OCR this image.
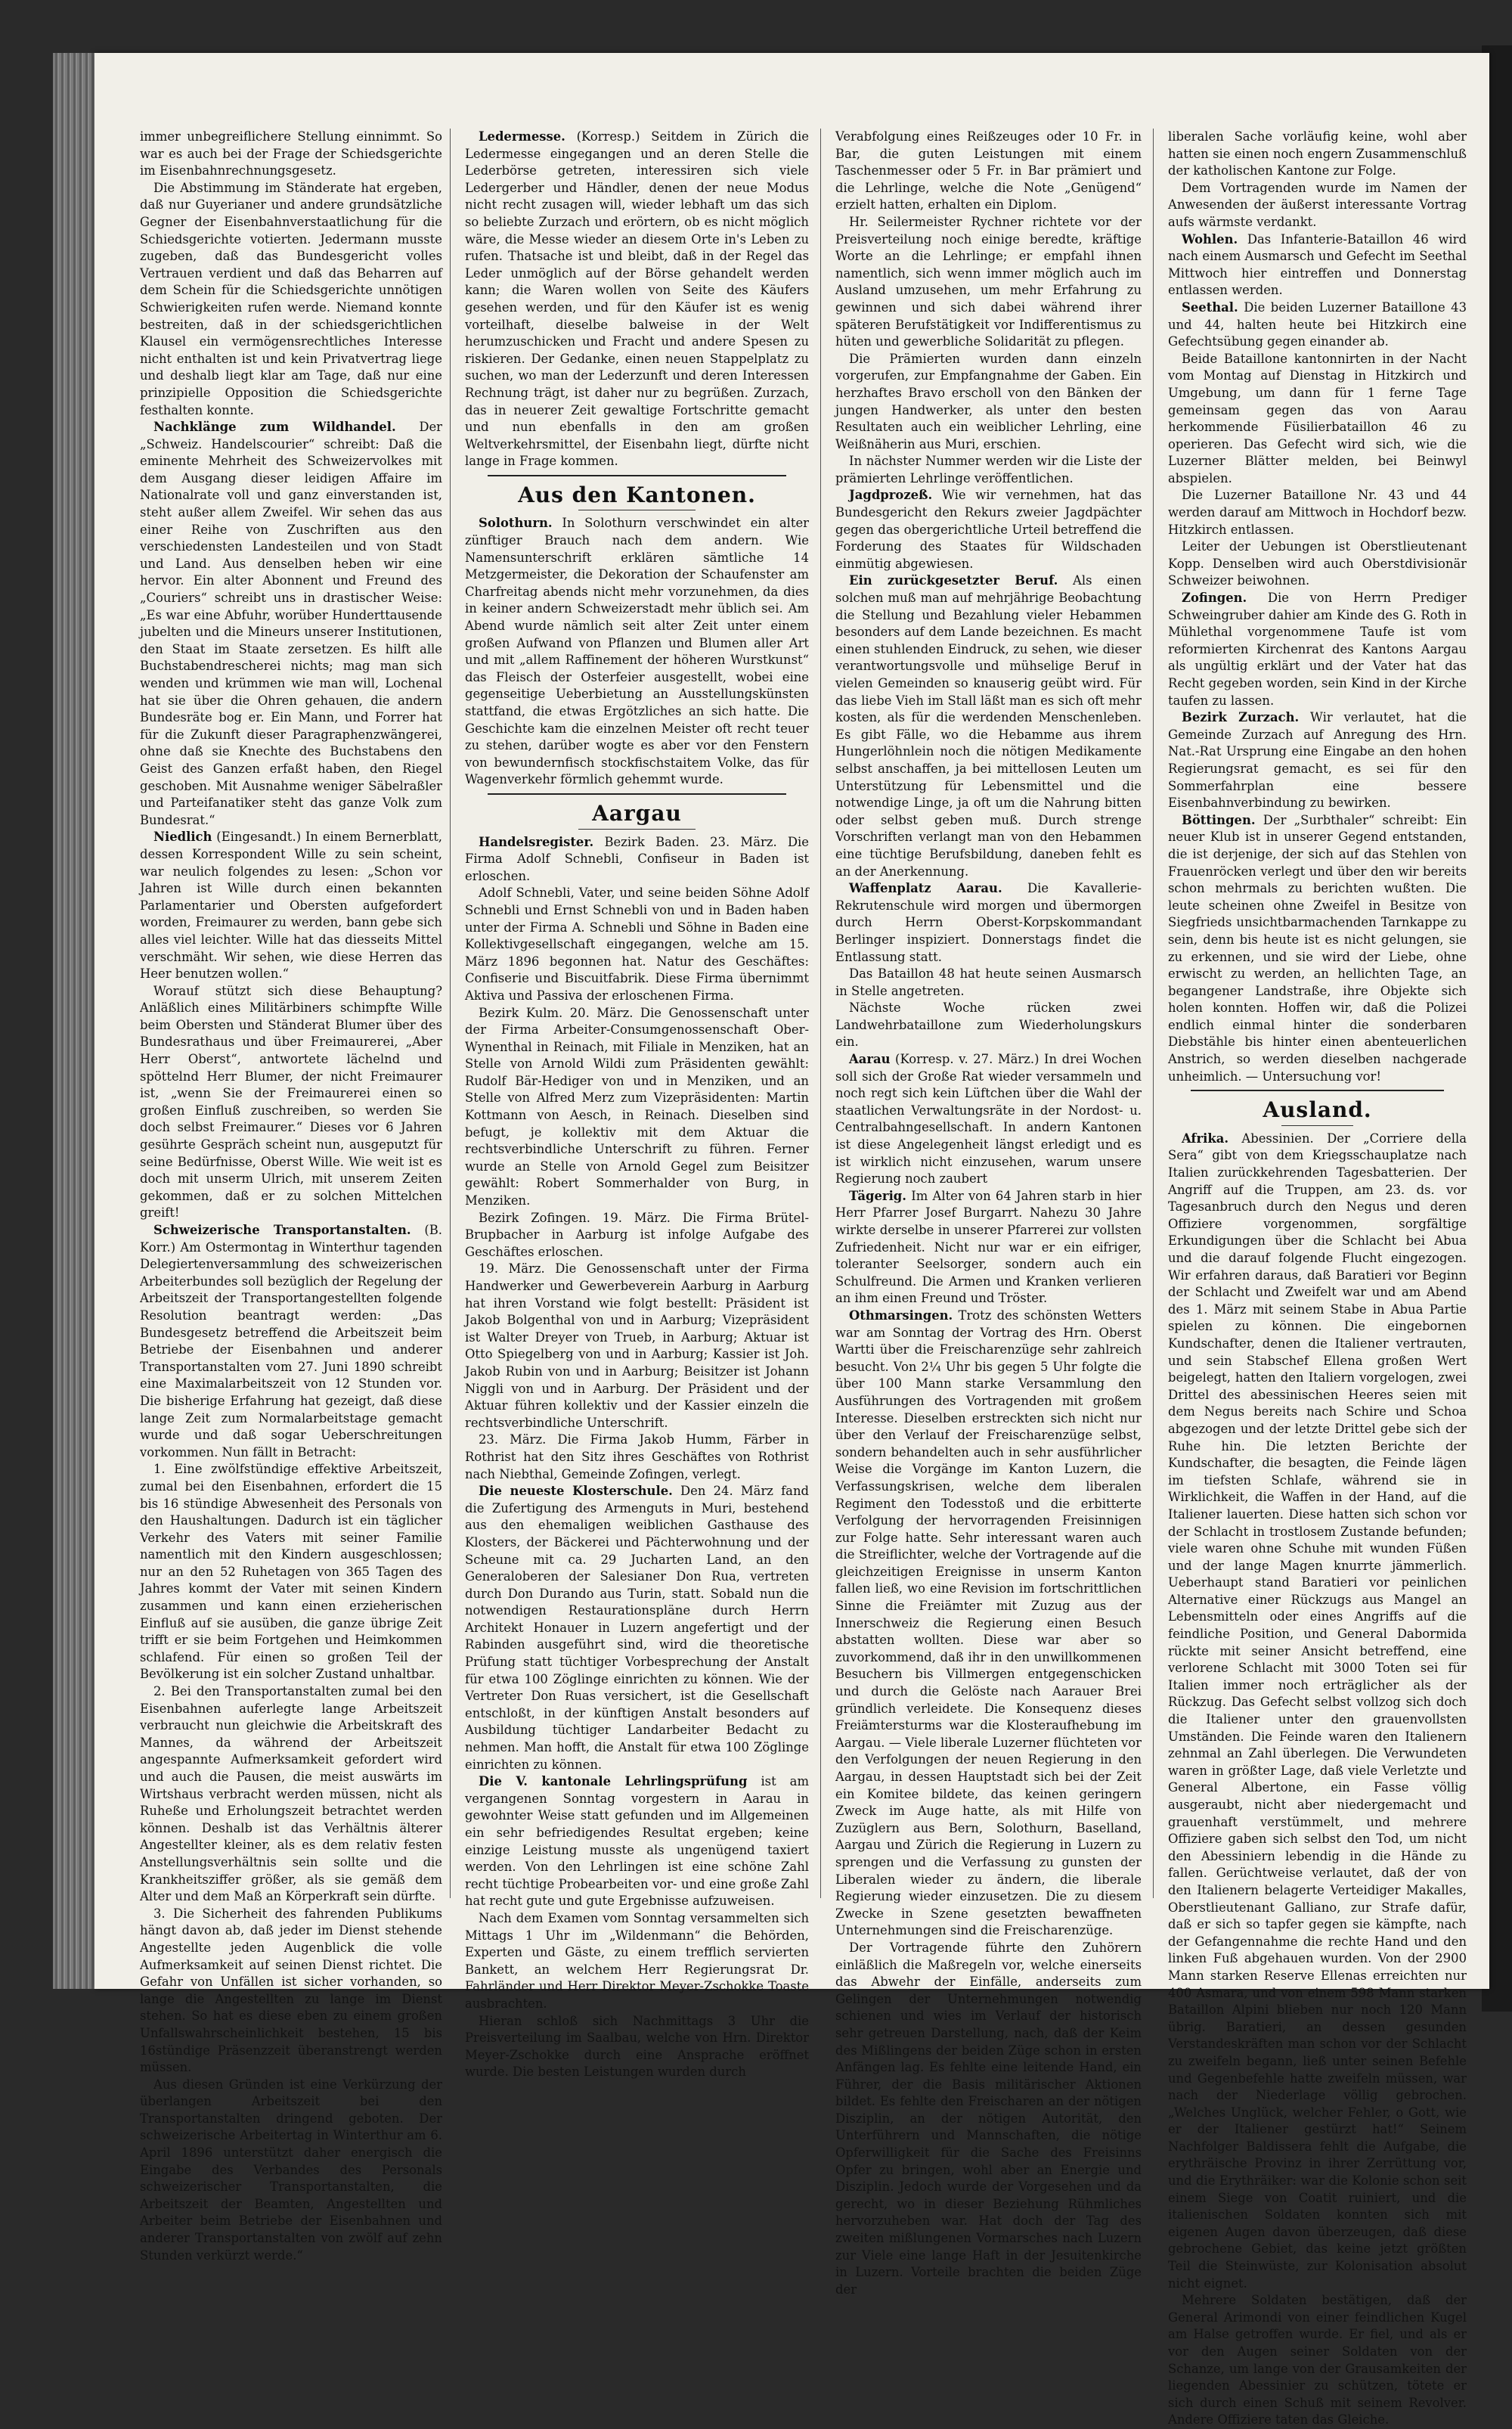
immer unbegreiflichere Stellung einnimmt. So war es auch bei der Frage der Schiedsgerichte im Eisenbahnrechnungsgesetz.

Die Abstimmung im Ständerate hat ergeben, daß nur Guyerianer und andere grundsätzliche Gegner der Eisenbahnverstaatlichung für die Schiedsgerichte votierten. Jedermann musste zugeben, daß das Bundesgericht volles Vertrauen verdient und daß das Beharren auf dem Schein für die Schiedsgerichte unnötigen Schwierigkeiten rufen werde. Niemand konnte bestreiten, daß in der schiedsgerichtlichen Klausel ein vermögensrechtliches Interesse nicht enthalten ist und kein Privatvertrag liege und deshalb liegt klar am Tage, daß nur eine prinzipielle Opposition die Schiedsgerichte festhalten konnte.

Nachklänge zum Wildhandel. Der „Schweiz. Handelscourier“ schreibt: Daß die eminente Mehrheit des Schweizervolkes mit dem Ausgang dieser leidigen Affaire im Nationalrate voll und ganz einverstanden ist, steht außer allem Zweifel. Wir sehen das aus einer Reihe von Zuschriften aus den verschiedensten Landesteilen und von Stadt und Land. Aus denselben heben wir eine hervor. Ein alter Abonnent und Freund des „Couriers“ schreibt uns in drastischer Weise: „Es war eine Abfuhr, worüber Hunderttausende jubelten und die Mineurs unserer Institutionen, den Staat im Staate zersetzen. Es hilft alle Buchstabendrescherei nichts; mag man sich wenden und krümmen wie man will, Lochenal hat sie über die Ohren gehauen, die andern Bundesräte bog er. Ein Mann, und Forrer hat für die Zukunft dieser Paragraphenzwängerei, ohne daß sie Knechte des Buchstabens den Geist des Ganzen erfaßt haben, den Riegel geschoben. Mit Ausnahme weniger Säbelraßler und Parteifanatiker steht das ganze Volk zum Bundesrat.“

Niedlich (Eingesandt.) In einem Bernerblatt, dessen Korrespondent Wille zu sein scheint, war neulich folgendes zu lesen: „Schon vor Jahren ist Wille durch einen bekannten Parlamentarier und Obersten aufgefordert worden, Freimaurer zu werden, bann gebe sich alles viel leichter. Wille hat das diesseits Mittel verschmäht. Wir sehen, wie diese Herren das Heer benutzen wollen.“

Worauf stützt sich diese Behauptung? Anläßlich eines Militärbiners schimpfte Wille beim Obersten und Ständerat Blumer über des Bundesrathaus und über Freimaurerei, „Aber Herr Oberst“, antwortete lächelnd und spöttelnd Herr Blumer, der nicht Freimaurer ist, „wenn Sie der Freimaurerei einen so großen Einfluß zuschreiben, so werden Sie doch selbst Freimaurer.“ Dieses vor 6 Jahren gesührte Gespräch scheint nun, ausgeputzt für seine Bedürfnisse, Oberst Wille. Wie weit ist es doch mit unserm Ulrich, mit unserem Zeiten gekommen, daß er zu solchen Mittelchen greift!

Schweizerische Transportanstalten. (B. Korr.) Am Ostermontag in Winterthur tagenden Delegiertenversammlung des schweizerischen Arbeiterbundes soll bezüglich der Regelung der Arbeitszeit der Transportangestellten folgende Resolution beantragt werden: „Das Bundesgesetz betreffend die Arbeitszeit beim Betriebe der Eisenbahnen und anderer Transportanstalten vom 27. Juni 1890 schreibt eine Maximalarbeitszeit von 12 Stunden vor. Die bisherige Erfahrung hat gezeigt, daß diese lange Zeit zum Normalarbeitstage gemacht wurde und daß sogar Ueberschreitungen vorkommen. Nun fällt in Betracht:

1. Eine zwölfstündige effektive Arbeitszeit, zumal bei den Eisenbahnen, erfordert die 15 bis 16 stündige Abwesenheit des Personals von den Haushaltungen. Dadurch ist ein täglicher Verkehr des Vaters mit seiner Familie namentlich mit den Kindern ausgeschlossen; nur an den 52 Ruhetagen von 365 Tagen des Jahres kommt der Vater mit seinen Kindern zusammen und kann einen erzieherischen Einfluß auf sie ausüben, die ganze übrige Zeit trifft er sie beim Fortgehen und Heimkommen schlafend. Für einen so großen Teil der Bevölkerung ist ein solcher Zustand unhaltbar.

2. Bei den Transportanstalten zumal bei den Eisenbahnen auferlegte lange Arbeitszeit verbraucht nun gleichwie die Arbeitskraft des Mannes, da während der Arbeitszeit angespannte Aufmerksamkeit gefordert wird und auch die Pausen, die meist auswärts im Wirtshaus verbracht werden müssen, nicht als Ruheße und Erholungszeit betrachtet werden können. Deshalb ist das Verhältnis älterer Angestellter kleiner, als es dem relativ festen Anstellungsverhältnis sein sollte und die Krankheitsziffer größer, als sie gemäß dem Alter und dem Maß an Körperkraft sein dürfte.

3. Die Sicherheit des fahrenden Publikums hängt davon ab, daß jeder im Dienst stehende Angestellte jeden Augenblick die volle Aufmerksamkeit auf seinen Dienst richtet. Die Gefahr von Unfällen ist sicher vorhanden, so lange die Angestellten zu lange im Dienst stehen. So hat es diese eben zu einem großen Unfallswahrscheinlichkeit bestehen, 15 bis 16stündige Präsenzzeit überanstrengt werden müssen.

Aus diesen Gründen ist eine Verkürzung der überlangen Arbeitszeit bei den Transportanstalten dringend geboten. Der schweizerische Arbeitertag in Winterthur am 6. April 1896 unterstützt daher energisch die Eingabe des Verbandes des Personals schweizerischer Transportanstalten, die Arbeitszeit der Beamten, Angestellten und Arbeiter beim Betriebe der Eisenbahnen und anderer Transportanstalten von zwölf auf zehn Stunden verkürzt werde.“

Ledermesse. (Korresp.) Seitdem in Zürich die Ledermesse eingegangen und an deren Stelle die Lederbörse getreten, interessiren sich viele Ledergerber und Händler, denen der neue Modus nicht recht zusagen will, wieder lebhaft um das sich so beliebte Zurzach und erörtern, ob es nicht möglich wäre, die Messe wieder an diesem Orte in's Leben zu rufen. Thatsache ist und bleibt, daß in der Regel das Leder unmöglich auf der Börse gehandelt werden kann; die Waren wollen von Seite des Käufers gesehen werden, und für den Käufer ist es wenig vorteilhaft, dieselbe balweise in der Welt herumzuschicken und Fracht und andere Spesen zu riskieren. Der Gedanke, einen neuen Stappelplatz zu suchen, wo man der Lederzunft und deren Interessen Rechnung trägt, ist daher nur zu begrüßen. Zurzach, das in neuerer Zeit gewaltige Fortschritte gemacht und nun ebenfalls in den am großen Weltverkehrsmittel, der Eisenbahn liegt, dürfte nicht lange in Frage kommen.

Aus den Kantonen.

Solothurn. In Solothurn verschwindet ein alter zünftiger Brauch nach dem andern. Wie Namensunterschrift erklären sämtliche 14 Metzgermeister, die Dekoration der Schaufenster am Charfreitag abends nicht mehr vorzunehmen, da dies in keiner andern Schweizerstadt mehr üblich sei. Am Abend wurde nämlich seit alter Zeit unter einem großen Aufwand von Pflanzen und Blumen aller Art und mit „allem Raffinement der höheren Wurstkunst“ das Fleisch der Osterfeier ausgestellt, wobei eine gegenseitige Ueberbietung an Ausstellungskünsten stattfand, die etwas Ergötzliches an sich hatte. Die Geschichte kam die einzelnen Meister oft recht teuer zu stehen, darüber wogte es aber vor den Fenstern von bewundernfisch stockfischstaitem Volke, das für Wagenverkehr förmlich gehemmt wurde.

Aargau

Handelsregister. Bezirk Baden. 23. März. Die Firma Adolf Schnebli, Confiseur in Baden ist erloschen.

Adolf Schnebli, Vater, und seine beiden Söhne Adolf Schnebli und Ernst Schnebli von und in Baden haben unter der Firma A. Schnebli und Söhne in Baden eine Kollektivgesellschaft eingegangen, welche am 15. März 1896 begonnen hat. Natur des Geschäftes: Confiserie und Biscuitfabrik. Diese Firma übernimmt Aktiva und Passiva der erloschenen Firma.

Bezirk Kulm. 20. März. Die Genossenschaft unter der Firma Arbeiter-Consumgenossenschaft Ober-Wynenthal in Reinach, mit Filiale in Menziken, hat an Stelle von Arnold Wildi zum Präsidenten gewählt: Rudolf Bär-Hediger von und in Menziken, und an Stelle von Alfred Merz zum Vizepräsidenten: Martin Kottmann von Aesch, in Reinach. Dieselben sind befugt, je kollektiv mit dem Aktuar die rechtsverbindliche Unterschrift zu führen. Ferner wurde an Stelle von Arnold Gegel zum Beisitzer gewählt: Robert Sommerhalder von Burg, in Menziken.

Bezirk Zofingen. 19. März. Die Firma Brütel-Brupbacher in Aarburg ist infolge Aufgabe des Geschäftes erloschen.

19. März. Die Genossenschaft unter der Firma Handwerker und Gewerbeverein Aarburg in Aarburg hat ihren Vorstand wie folgt bestellt: Präsident ist Jakob Bolgenthal von und in Aarburg; Vizepräsident ist Walter Dreyer von Trueb, in Aarburg; Aktuar ist Otto Spiegelberg von und in Aarburg; Kassier ist Joh. Jakob Rubin von und in Aarburg; Beisitzer ist Johann Niggli von und in Aarburg. Der Präsident und der Aktuar führen kollektiv und der Kassier einzeln die rechtsverbindliche Unterschrift.

23. März. Die Firma Jakob Humm, Färber in Rothrist hat den Sitz ihres Geschäftes von Rothrist nach Niebthal, Gemeinde Zofingen, verlegt.

Die neueste Klosterschule. Den 24. März fand die Zufertigung des Armenguts in Muri, bestehend aus den ehemaligen weiblichen Gasthause des Klosters, der Bäckerei und Pächterwohnung und der Scheune mit ca. 29 Jucharten Land, an den Generaloberen der Salesianer Don Rua, vertreten durch Don Durando aus Turin, statt. Sobald nun die notwendigen Restaurationspläne durch Herrn Architekt Honauer in Luzern angefertigt und der Rabinden ausgeführt sind, wird die theoretische Prüfung statt tüchtiger Vorbesprechung der Anstalt für etwa 100 Zöglinge einrichten zu können. Wie der Vertreter Don Ruas versichert, ist die Gesellschaft entschloßt, in der künftigen Anstalt besonders auf Ausbildung tüchtiger Landarbeiter Bedacht zu nehmen. Man hofft, die Anstalt für etwa 100 Zöglinge einrichten zu können.

Die V. kantonale Lehrlingsprüfung ist am vergangenen Sonntag vorgestern in Aarau in gewohnter Weise statt gefunden und im Allgemeinen ein sehr befriedigendes Resultat ergeben; keine einzige Leistung musste als ungenügend taxiert werden. Von den Lehrlingen ist eine schöne Zahl recht tüchtige Probearbeiten vor- und eine große Zahl hat recht gute und gute Ergebnisse aufzuweisen.

Nach dem Examen vom Sonntag versammelten sich Mittags 1 Uhr im „Wildenmann“ die Behörden, Experten und Gäste, zu einem trefflich servierten Bankett, an welchem Herr Regierungsrat Dr. Fahrländer und Herr Direktor Meyer-Zschokke Toaste ausbrachten.

Hieran schloß sich Nachmittags 3 Uhr die Preisverteilung im Saalbau, welche von Hrn. Direktor Meyer-Zschokke durch eine Ansprache eröffnet wurde. Die besten Leistungen wurden durch

Verabfolgung eines Reißzeuges oder 10 Fr. in Bar, die guten Leistungen mit einem Taschenmesser oder 5 Fr. in Bar prämiert und die Lehrlinge, welche die Note „Genügend“ erzielt hatten, erhalten ein Diplom.

Hr. Seilermeister Rychner richtete vor der Preisverteilung noch einige beredte, kräftige Worte an die Lehrlinge; er empfahl ihnen namentlich, sich wenn immer möglich auch im Ausland umzusehen, um mehr Erfahrung zu gewinnen und sich dabei während ihrer späteren Berufstätigkeit vor Indifferentismus zu hüten und gewerbliche Solidarität zu pflegen.

Die Prämierten wurden dann einzeln vorgerufen, zur Empfangnahme der Gaben. Ein herzhaftes Bravo erscholl von den Bänken der jungen Handwerker, als unter den besten Resultaten auch ein weiblicher Lehrling, eine Weißnäherin aus Muri, erschien.

In nächster Nummer werden wir die Liste der prämierten Lehrlinge veröffentlichen.

Jagdprozeß. Wie wir vernehmen, hat das Bundesgericht den Rekurs zweier Jagdpächter gegen das obergerichtliche Urteil betreffend die Forderung des Staates für Wildschaden einmütig abgewiesen.

Ein zurückgesetzter Beruf. Als einen solchen muß man auf mehrjährige Beobachtung die Stellung und Bezahlung vieler Hebammen besonders auf dem Lande bezeichnen. Es macht einen stuhlenden Eindruck, zu sehen, wie dieser verantwortungsvolle und mühselige Beruf in vielen Gemeinden so knauserig geübt wird. Für das liebe Vieh im Stall läßt man es sich oft mehr kosten, als für die werdenden Menschenleben. Es gibt Fälle, wo die Hebamme aus ihrem Hungerlöhnlein noch die nötigen Medikamente selbst anschaffen, ja bei mittellosen Leuten um Unterstützung für Lebensmittel und die notwendige Linge, ja oft um die Nahrung bitten oder selbst geben muß. Durch strenge Vorschriften verlangt man von den Hebammen eine tüchtige Berufsbildung, daneben fehlt es an der Anerkennung.

Waffenplatz Aarau. Die Kavallerie-Rekrutenschule wird morgen und übermorgen durch Herrn Oberst-Korpskommandant Berlinger inspiziert. Donnerstags findet die Entlassung statt.

Das Bataillon 48 hat heute seinen Ausmarsch in Stelle angetreten.

Nächste Woche rücken zwei Landwehrbataillone zum Wiederholungskurs ein.

Aarau (Korresp. v. 27. März.) In drei Wochen soll sich der Große Rat wieder versammeln und noch regt sich kein Lüftchen über die Wahl der staatlichen Verwaltungsräte in der Nordost- u. Centralbahngesellschaft. In andern Kantonen ist diese Angelegenheit längst erledigt und es ist wirklich nicht einzusehen, warum unsere Regierung noch zaubert

Tägerig. Im Alter von 64 Jahren starb in hier Herr Pfarrer Josef Burgarrt. Nahezu 30 Jahre wirkte derselbe in unserer Pfarrerei zur vollsten Zufriedenheit. Nicht nur war er ein eifriger, toleranter Seelsorger, sondern auch ein Schulfreund. Die Armen und Kranken verlieren an ihm einen Freund und Tröster.

Othmarsingen. Trotz des schönsten Wetters war am Sonntag der Vortrag des Hrn. Oberst Wartti über die Freischarenzüge sehr zahlreich besucht. Von 2¼ Uhr bis gegen 5 Uhr folgte die über 100 Mann starke Versammlung den Ausführungen des Vortragenden mit großem Interesse. Dieselben erstreckten sich nicht nur über den Verlauf der Freischarenzüge selbst, sondern behandelten auch in sehr ausführlicher Weise die Vorgänge im Kanton Luzern, die Verfassungskrisen, welche dem liberalen Regiment den Todesstoß und die erbitterte Verfolgung der hervorragenden Freisinnigen zur Folge hatte. Sehr interessant waren auch die Streiflichter, welche der Vortragende auf die gleichzeitigen Ereignisse in unserm Kanton fallen ließ, wo eine Revision im fortschrittlichen Sinne die Freiämter mit Zuzug aus der Innerschweiz die Regierung einen Besuch abstatten wollten. Diese war aber so zuvorkommend, daß ihr in den unwillkommenen Besuchern bis Villmergen entgegenschicken und durch die Gelöste nach Aarauer Brei gründlich verleidete. Die Konsequenz dieses Freiämtersturms war die Klosteraufhebung im Aargau. — Viele liberale Luzerner flüchteten vor den Verfolgungen der neuen Regierung in den Aargau, in dessen Hauptstadt sich bei der Zeit ein Komitee bildete, das keinen geringern Zweck im Auge hatte, als mit Hilfe von Zuzüglern aus Bern, Solothurn, Baselland, Aargau und Zürich die Regierung in Luzern zu sprengen und die Verfassung zu gunsten der Liberalen wieder zu ändern, die liberale Regierung wieder einzusetzen. Die zu diesem Zwecke in Szene gesetzten bewaffneten Unternehmungen sind die Freischarenzüge.

Der Vortragende führte den Zuhörern einläßlich die Maßregeln vor, welche einerseits das Abwehr der Einfälle, anderseits zum Gelingen der Unternehmungen notwendig schienen und wies im Verlauf der historisch sehr getreuen Darstellung, nach, daß der Keim des Mißlingens der beiden Züge schon in ersten Anfängen lag. Es fehlte eine leitende Hand, ein Führer, der die Basis militärischer Aktionen bildet. Es fehlte den Freischaren an der nötigen Disziplin, an der nötigen Autorität, den Unterführern und Mannschaften, die nötige Opferwilligkeit für die Sache des Freisinns Opfer zu bringen, wohl aber an Energie und Disziplin. Jedoch wurde der Vorgesehen und da gerecht, wo in dieser Beziehung Rühmliches hervorzuheben war. Hat doch der Tag des zweiten mißlungenen Vormarsches nach Luzern zur Viele eine lange Haft in der Jesuitenkirche in Luzern. Vorteile brachten die beiden Züge der

liberalen Sache vorläufig keine, wohl aber hatten sie einen noch engern Zusammenschluß der katholischen Kantone zur Folge.

Dem Vortragenden wurde im Namen der Anwesenden der äußerst interessante Vortrag aufs wärmste verdankt.

Wohlen. Das Infanterie-Bataillon 46 wird nach einem Ausmarsch und Gefecht im Seethal Mittwoch hier eintreffen und Donnerstag entlassen werden.

Seethal. Die beiden Luzerner Bataillone 43 und 44, halten heute bei Hitzkirch eine Gefechtsübung gegen einander ab.

Beide Bataillone kantonnirten in der Nacht vom Montag auf Dienstag in Hitzkirch und Umgebung, um dann für 1 ferne Tage gemeinsam gegen das von Aarau herkommende Füsilierbataillon 46 zu operieren. Das Gefecht wird sich, wie die Luzerner Blätter melden, bei Beinwyl abspielen.

Die Luzerner Bataillone Nr. 43 und 44 werden darauf am Mittwoch in Hochdorf bezw. Hitzkirch entlassen.

Leiter der Uebungen ist Oberstlieutenant Kopp. Denselben wird auch Oberstdivisionär Schweizer beiwohnen.

Zofingen. Die von Herrn Prediger Schweingruber dahier am Kinde des G. Roth in Mühlethal vorgenommene Taufe ist vom reformierten Kirchenrat des Kantons Aargau als ungültig erklärt und der Vater hat das Recht gegeben worden, sein Kind in der Kirche taufen zu lassen.

Bezirk Zurzach. Wir verlautet, hat die Gemeinde Zurzach auf Anregung des Hrn. Nat.-Rat Ursprung eine Eingabe an den hohen Regierungsrat gemacht, es sei für den Sommerfahrplan eine bessere Eisenbahnverbindung zu bewirken.

Böttingen. Der „Surbthaler“ schreibt: Ein neuer Klub ist in unserer Gegend entstanden, die ist derjenige, der sich auf das Stehlen von Frauenröcken verlegt und über den wir bereits schon mehrmals zu berichten wußten. Die leute scheinen ohne Zweifel in Besitze von Siegfrieds unsichtbarmachenden Tarnkappe zu sein, denn bis heute ist es nicht gelungen, sie zu erkennen, und sie wird der Liebe, ohne erwischt zu werden, an hellichten Tage, an begangener Landstraße, ihre Objekte sich holen konnten. Hoffen wir, daß die Polizei endlich einmal hinter die sonderbaren Diebstähle bis hinter einen abenteuerlichen Anstrich, so werden dieselben nachgerade unheimlich. — Untersuchung vor!

Ausland.

Afrika. Abessinien. Der „Corriere della Sera“ gibt von dem Kriegsschauplatze nach Italien zurückkehrenden Tagesbatterien. Der Angriff auf die Truppen, am 23. ds. vor Tagesanbruch durch den Negus und deren Offiziere vorgenommen, sorgfältige Erkundigungen über die Schlacht bei Abua und die darauf folgende Flucht eingezogen. Wir erfahren daraus, daß Baratieri vor Beginn der Schlacht und Zweifelt war und am Abend des 1. März mit seinem Stabe in Abua Partie spielen zu können. Die eingebornen Kundschafter, denen die Italiener vertrauten, und sein Stabschef Ellena großen Wert beigelegt, hatten den Italiern vorgelogen, zwei Drittel des abessinischen Heeres seien mit dem Negus bereits nach Schire und Schoa abgezogen und der letzte Drittel gebe sich der Ruhe hin. Die letzten Berichte der Kundschafter, die besagten, die Feinde lägen im tiefsten Schlafe, während sie in Wirklichkeit, die Waffen in der Hand, auf die Italiener lauerten. Diese hatten sich schon vor der Schlacht in trostlosem Zustande befunden; viele waren ohne Schuhe mit wunden Füßen und der lange Magen knurrte jämmerlich. Ueberhaupt stand Baratieri vor peinlichen Alternative einer Rückzugs aus Mangel an Lebensmitteln oder eines Angriffs auf die feindliche Position, und General Dabormida rückte mit seiner Ansicht betreffend, eine verlorene Schlacht mit 3000 Toten sei für Italien immer noch erträglicher als der Rückzug. Das Gefecht selbst vollzog sich doch die Italiener unter den grauenvollsten Umständen. Die Feinde waren den Italienern zehnmal an Zahl überlegen. Die Verwundeten waren in größter Lage, daß viele Verletzte und General Albertone, ein Fasse völlig ausgeraubt, nicht aber niedergemacht und grauenhaft verstümmelt, und mehrere Offiziere gaben sich selbst den Tod, um nicht den Abessiniern lebendig in die Hände zu fallen. Gerüchtweise verlautet, daß der von den Italienern belagerte Verteidiger Makalles, Oberstlieutenant Galliano, zur Strafe dafür, daß er sich so tapfer gegen sie kämpfte, nach der Gefangennahme die rechte Hand und den linken Fuß abgehauen wurden. Von der 2900 Mann starken Reserve Ellenas erreichten nur 400 Asmara, und von einem 598 Mann starken Bataillon Alpini blieben nur noch 120 Mann übrig. Baratieri, an dessen gesunden Verstandeskräften man schon vor der Schlacht zu zweifeln begann, ließ unter seinen Befehle und Gegenbefehle hatte zweifeln müssen, war nach der Niederlage völlig gebrochen. „Welches Unglück, welcher Fehler, o Gott, wie er der Italiener gestürzt hat!“ Seinem Nachfolger Baldissera fehlt die Aufgabe, die erythräische Provinz in ihrer Zerrüttung vor, und die Erythräiker: war die Kolonie schon seit einem Siege von Coatit ruiniert, und die italienischen Soldaten konnten sich mit eigenen Augen davon überzeugen, daß diese gebrochene Gebiet, das keine jetzt größten Teil die Steinwüste, zur Kolonisation absolut nicht eignet.

Mehrere Soldaten bestätigen, daß der General Arimondi von einer feindlichen Kugel am Halse getroffen wurde. Er fiel, und als er vor den Augen seiner Soldaten von der Schanze, um lange von der Grausamkeiten der liegenden Abessinier zu schützen, tötete er sich durch einen Schuß mit seinem Revolver. Andere Offiziere taten das Gleiche.
